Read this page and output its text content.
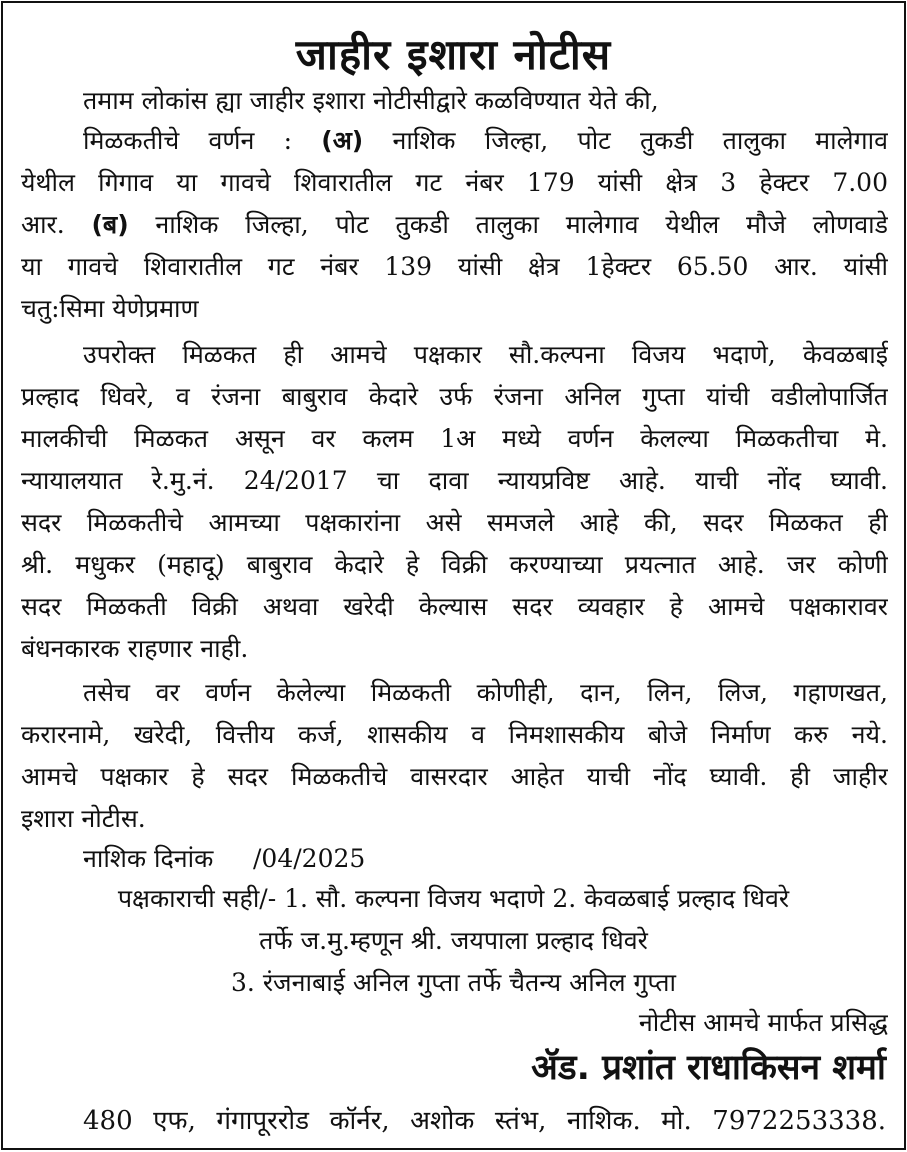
जाहीर इशारा नोटीस

तमाम लोकांस ह्या जाहीर इशारा नोटीसीद्वारे कळविण्यात येते की,

मिळकतीचे वर्णन : (अ) नाशिक जिल्हा, पोट तुकडी तालुका मालेगाव

येथील गिगाव या गावचे शिवारातील गट नंबर 179 यांसी क्षेत्र 3 हेक्टर 7.00

आर. (ब) नाशिक जिल्हा, पोट तुकडी तालुका मालेगाव येथील मौजे लोणवाडे

या गावचे शिवारातील गट नंबर 139 यांसी क्षेत्र 1हेक्टर 65.50 आर. यांसी

चतु:सिमा येणेप्रमाण

उपरोक्त मिळकत ही आमचे पक्षकार सौ.कल्पना विजय भदाणे, केवळबाई

प्रल्हाद धिवरे, व रंजना बाबुराव केदारे उर्फ रंजना अनिल गुप्ता यांची वडीलोपार्जित

मालकीची मिळकत असून वर कलम 1अ मध्ये वर्णन केलल्या मिळकतीचा मे.

न्यायालयात रे.मु.नं. 24/2017 चा दावा न्यायप्रविष्ट आहे. याची नोंद घ्यावी.

सदर मिळकतीचे आमच्या पक्षकारांना असे समजले आहे की, सदर मिळकत ही

श्री. मधुकर (महादू) बाबुराव केदारे हे विक्री करण्याच्या प्रयत्नात आहे. जर कोणी

सदर मिळकती विक्री अथवा खरेदी केल्यास सदर व्यवहार हे आमचे पक्षकारावर

बंधनकारक राहणार नाही.

तसेच वर वर्णन केलेल्या मिळकती कोणीही, दान, लिन, लिज, गहाणखत,

करारनामे, खरेदी, वित्तीय कर्ज, शासकीय व निमशासकीय बोजे निर्माण करु नये.

आमचे पक्षकार हे सदर मिळकतीचे वासरदार आहेत याची नोंद घ्यावी. ही जाहीर

इशारा नोटीस.

नाशिक दिनांक     /04/2025

पक्षकाराची सही/- 1. सौ. कल्पना विजय भदाणे 2. केवळबाई प्रल्हाद धिवरे

तर्फे ज.मु.म्हणून श्री. जयपाला प्रल्हाद धिवरे

3. रंजनाबाई अनिल गुप्ता तर्फे चैतन्य अनिल गुप्ता

नोटीस आमचे मार्फत प्रसिद्ध

ॲड. प्रशांत राधाकिसन शर्मा
480 एफ, गंगापूररोड कॉर्नर, अशोक स्तंभ, नाशिक. मो. 7972253338.
